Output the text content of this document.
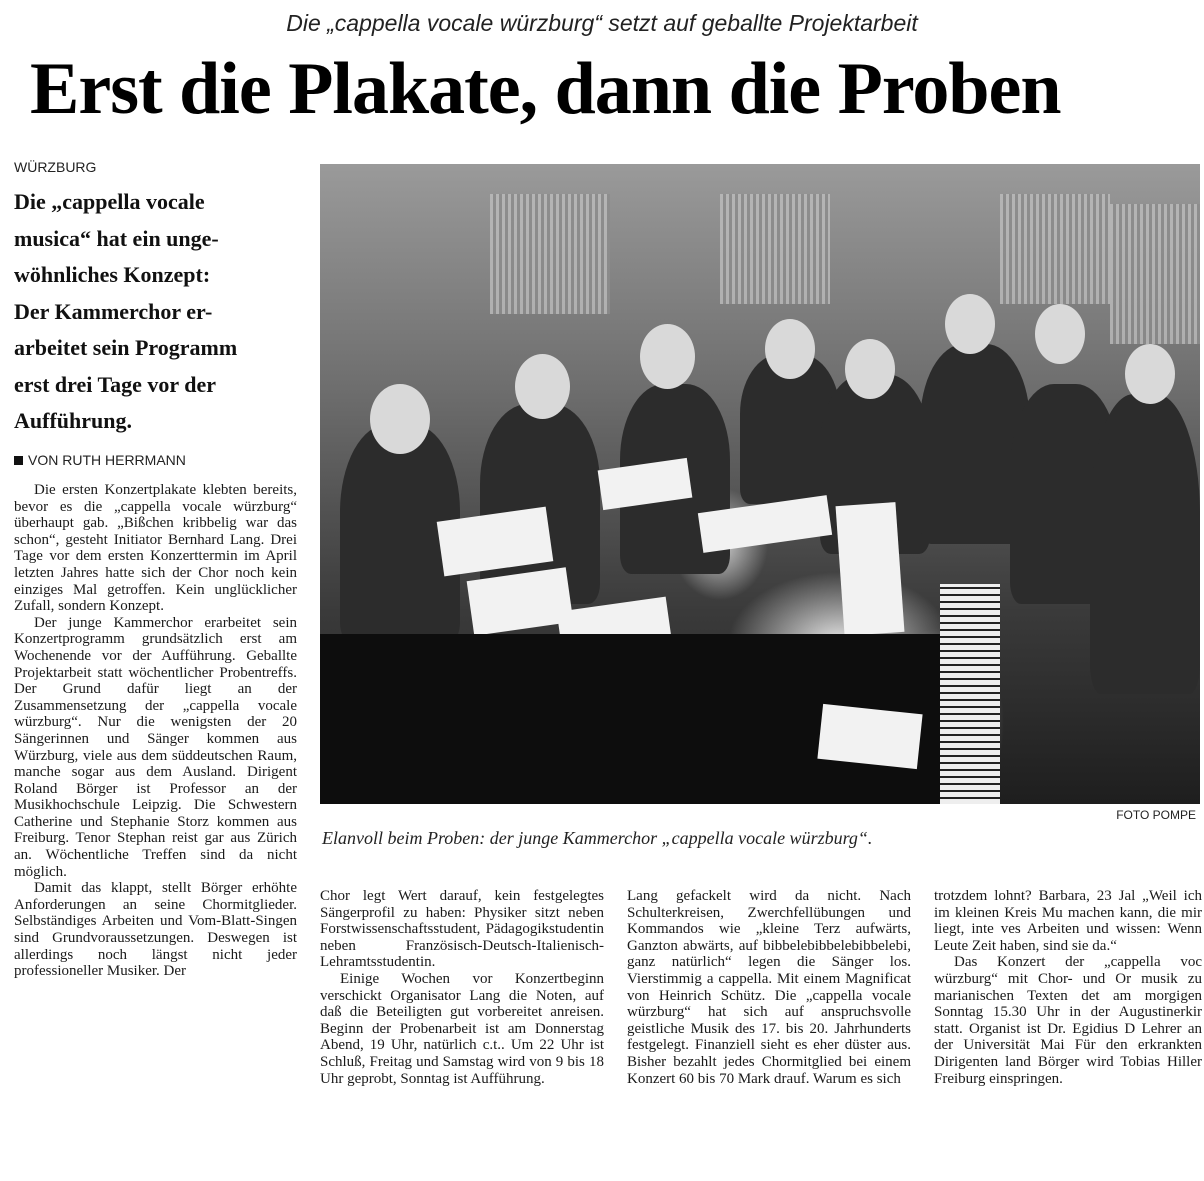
Die „cappella vocale würzburg“ setzt auf geballte Projektarbeit
Erst die Plakate, dann die Proben
WÜRZBURG
Die „cappella vocale
musica“ hat ein unge-
wöhnliches Konzept:
Der Kammerchor er-
arbeitet sein Programm
erst drei Tage vor der
Aufführung.
VON RUTH HERRMANN

Die ersten Konzertplakate klebten bereits, bevor es die „cappella vocale würzburg“ überhaupt gab. „Bißchen kribbelig war das schon“, gesteht Initiator Bernhard Lang. Drei Tage vor dem ersten Konzerttermin im April letzten Jahres hatte sich der Chor noch kein einziges Mal getroffen. Kein unglücklicher Zufall, sondern Konzept.

Der junge Kammerchor erarbeitet sein Konzertprogramm grundsätzlich erst am Wochenende vor der Aufführung. Geballte Projektarbeit statt wöchentlicher Probentreffs. Der Grund dafür liegt an der Zusammensetzung der „cappella vocale würzburg“. Nur die wenigsten der 20 Sängerinnen und Sänger kommen aus Würzburg, viele aus dem süddeutschen Raum, manche sogar aus dem Ausland. Dirigent Roland Börger ist Professor an der Musikhochschule Leipzig. Die Schwestern Catherine und Stephanie Storz kommen aus Freiburg. Tenor Stephan reist gar aus Zürich an. Wöchentliche Treffen sind da nicht möglich.

Damit das klappt, stellt Börger erhöhte Anforderungen an seine Chormitglieder. Selbständiges Arbeiten und Vom-Blatt-Singen sind Grundvoraussetzungen. Deswegen ist allerdings noch längst nicht jeder professioneller Musiker. Der

FOTO POMPE
Elanvoll beim Proben: der junge Kammerchor „cappella vocale würzburg“.

Chor legt Wert darauf, kein festgelegtes Sängerprofil zu haben: Physiker sitzt neben Forstwissenschaftsstudent, Pädagogikstudentin neben Französisch-Deutsch-Italienisch-Lehramtsstudentin.

Einige Wochen vor Konzertbeginn verschickt Organisator Lang die Noten, auf daß die Beteiligten gut vorbereitet anreisen. Beginn der Probenarbeit ist am Donnerstag Abend, 19 Uhr, natürlich c.t.. Um 22 Uhr ist Schluß, Freitag und Samstag wird von 9 bis 18 Uhr geprobt, Sonntag ist Aufführung.

Lang gefackelt wird da nicht. Nach Schulterkreisen, Zwerchfellübungen und Kommandos wie „kleine Terz aufwärts, Ganzton abwärts, auf bibbelebibbelebibbelebi, ganz natürlich“ legen die Sänger los. Vierstimmig a cappella. Mit einem Magnificat von Heinrich Schütz. Die „cappella vocale würzburg“ hat sich auf anspruchsvolle geistliche Musik des 17. bis 20. Jahrhunderts festgelegt. Finanziell sieht es eher düster aus. Bisher bezahlt jedes Chormitglied bei einem Konzert 60 bis 70 Mark drauf. Warum es sich

trotzdem lohnt? Barbara, 23 Jal „Weil ich im kleinen Kreis Mu machen kann, die mir liegt, inte ves Arbeiten und wissen: Wenn Leute Zeit haben, sind sie da.“

Das Konzert der „cappella voc würzburg“ mit Chor- und Or musik zu marianischen Texten det am morgigen Sonntag 15.30 Uhr in der Augustinerkir statt. Organist ist Dr. Egidius D Lehrer an der Universität Mai Für den erkrankten Dirigenten land Börger wird Tobias Hiller Freiburg einspringen.
